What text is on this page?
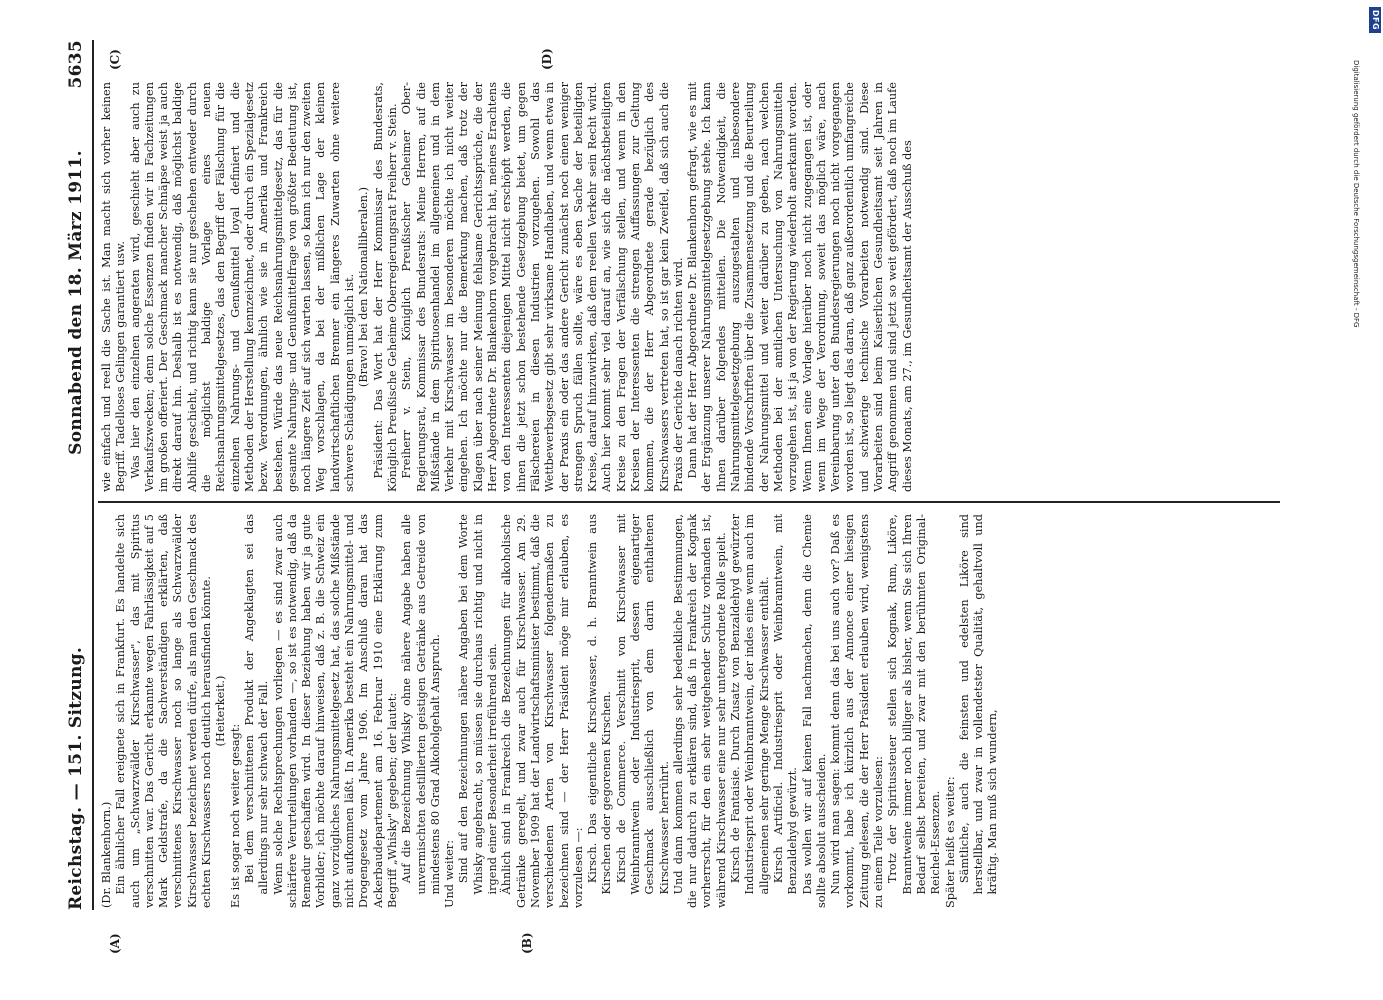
Reichstag. — 151. Sitzung.
Sonnabend den 18. März 1911.
5635
(A)	(B)
(C)	(D)

(Dr. Blankenhorn.) Ein ähnlicher Fall ereignete sich in Frankfurt. Es handelte sich auch um „Schwarzwälder Kirschwasser", das mit Spiritus verschnitten war. Das Gericht erkannte wegen Fahrlässigkeit auf 5 Mark Geldstrafe, da die Sachverständigen erklärten, daß verschnittenes Kirschwasser noch so lange als Schwarzwälder Kirschwasser bezeichnet werden dürfe, als man den Geschmack des echten Kirschwassers noch deutlich herausfinden könnte. (Heiterkeit.)

Es ist sogar noch weiter gesagt: Bei dem verschnittenen Produkt der Angeklagten sei das allerdings nur sehr schwach der Fall. Wenn solche Rechtsprechungen vorliegen — es sind zwar auch schärfere Verurteilungen vorhanden —, so ist es notwendig, daß da Remedur geschaffen wird. In dieser Beziehung haben wir ja gute Vorbilder; ich möchte darauf hinweisen, daß z. B. die Schweiz ein ganz vorzügliches Nahrungsmittelgesetz hat, das solche Mißstände nicht aufkommen läßt. In Amerika besteht ein Nahrungsmittel- und Drogengesetz vom Jahre 1906. Im Anschluß daran hat das Ackerbaudepartement am 16. Februar 1910 eine Erklärung zum Begriff „Whisky" gegeben; der lautet: Auf die Bezeichnung Whisky ohne nähere Angabe haben alle unvermischten destillierten geistigen Getränke aus Getreide von mindestens 80 Grad Alkoholgehalt Anspruch. Und weiter: Sind auf den Bezeichnungen nähere Angaben bei dem Worte Whisky angebracht, so müssen sie durchaus richtig und nicht in irgend einer Besonderheit irreführend sein. Ähnlich sind in Frankreich die Bezeichnungen für alkoholische Getränke geregelt, und zwar auch für Kirschwasser. Am 29. November 1909 hat der Landwirtschaftsminister bestimmt, daß die verschiedenen Arten von Kirschwasser folgendermaßen zu bezeichnen sind — der Herr Präsident möge mir erlauben, es vorzulesen —: Kirsch. Das eigentliche Kirschwasser, d. h. Branntwein aus Kirschen oder gegorenen Kirschen. Kirsch de Commerce. Verschnitt von Kirschwasser mit Weinbranntwein oder Industriesprit, dessen eigenartiger Geschmack ausschließlich von dem darin enthaltenen Kirschwasser herrührt. Und dann kommen allerdings sehr bedenkliche Bestimmungen, die nur dadurch zu erklären sind, daß in Frankreich der Kognak vorherrscht, für den ein sehr weitgehender Schutz vorhanden ist, während Kirschwasser eine nur sehr untergeordnete Rolle spielt. Kirsch de Fantaisie. Durch Zusatz von Benzaldehyd gewürzter Industriesprit oder Weinbranntwein, der indes eine wenn auch im allgemeinen sehr geringe Menge Kirschwasser enthält. Kirsch Artificiel. Industriesprit oder Weinbranntwein, mit Benzaldehyd gewürzt. Das wollen wir auf keinen Fall nachmachen, denn die Chemie sollte absolut ausscheiden. Nun wird man sagen: kommt denn das bei uns auch vor? Daß es vorkommt, habe ich kürzlich aus der Annonce einer hiesigen Zeitung gelesen, die der Herr Präsident erlauben wird, wenigstens zu einem Teile vorzulesen: Trotz der Spiritussteuer stellen sich Kognak, Rum, Liköre, Branntweine immer noch billiger als bisher, wenn Sie sich Ihren Bedarf selbst bereiten, und zwar mit den berühmten Original-Reichel-Essenzen. Später heißt es weiter: Sämtliche, auch die feinsten und edelsten Liköre sind herstellbar, und zwar in vollendetster Qualität, gehaltvoll und kräftig. Man muß sich wundern,

wie einfach und reell die Sache ist. Man macht sich vorher keinen Begriff. Tadelloses Gelingen garantiert usw. Was hier den einzelnen angeraten wird, geschieht aber auch zu Verkaufszwecken; denn solche Essenzen finden wir in Fachzeitungen im großen offeriert. Der Geschmack mancher Schnäpse weist ja auch direkt darauf hin. Deshalb ist es notwendig, daß möglichst baldige Abhilfe geschieht, und richtig kann sie nur geschehen entweder durch die möglichst baldige Vorlage eines neuen Reichsnahrungsmittelgesetzes, das den Begriff der Fälschung für die einzelnen Nahrungs- und Genußmittel loyal definiert und die Methoden der Herstellung kennzeichnet, oder durch ein Spezialgesetz bezw. Verordnungen, ähnlich wie sie in Amerika und Frankreich bestehen. Würde das neue Reichsnahrungsmittelgesetz, das für die gesamte Nahrungs- und Genußmittelfrage von größter Bedeutung ist, noch längere Zeit auf sich warten lassen, so kann ich nur den zweiten Weg vorschlagen, da bei der mißlichen Lage der kleinen landwirtschaftlichen Brenner ein längeres Zuwarten ohne weitere schwere Schädigungen unmöglich ist. (Bravo! bei den Nationalliberalen.) Präsident: Das Wort hat der Herr Kommissar des Bundesrats, Königlich Preußische Geheime Oberregierungsrat Freiherr v. Stein. Freiherr v. Stein, Königlich Preußischer Geheimer Ober-Regierungsrat, Kommissar des Bundesrats: Meine Herren, auf die Mißstände in dem Spirituosenhandel im allgemeinen und in dem Verkehr mit Kirschwasser im besonderen möchte ich nicht weiter eingehen. Ich möchte nur die Bemerkung machen, daß trotz der Klagen über nach seiner Meinung fehlsame Gerichtssprüche, die der Herr Abgeordnete Dr. Blankenhorn vorgebracht hat, meines Erachtens von den Interessenten diejenigen Mittel nicht erschöpft werden, die ihnen die jetzt schon bestehende Gesetzgebung bietet, um gegen Fälschereien in diesen Industrien vorzugehen. Sowohl das Wettbewerbsgesetz gibt sehr wirksame Handhaben, und wenn etwa in der Praxis ein oder das andere Gericht zunächst noch einen weniger strengen Spruch fällen sollte, wäre es eben Sache der beteiligten Kreise, darauf hinzuwirken, daß dem reellen Verkehr sein Recht wird. Auch hier kommt sehr viel darauf an, wie sich die nächstbeteiligten Kreise zu den Fragen der Verfälschung stellen, und wenn in den Kreisen der Interessenten die strengen Auffassungen zur Geltung kommen, die der Herr Abgeordnete gerade bezüglich des Kirschwassers vertreten hat, so ist gar kein Zweifel, daß sich auch die Praxis der Gerichte danach richten wird. Dann hat der Herr Abgeordnete Dr. Blankenhorn gefragt, wie es mit der Ergänzung unserer Nahrungsmittelgesetzgebung stehe. Ich kann Ihnen darüber folgendes mitteilen. Die Notwendigkeit, die Nahrungsmittelgesetzgebung auszugestalten und insbesondere bindende Vorschriften über die Zusammensetzung und die Beurteilung der Nahrungsmittel und weiter darüber zu geben, nach welchen Methoden bei der amtlichen Untersuchung von Nahrungsmitteln vorzugehen ist, ist ja von der Regierung wiederholt anerkannt worden. Wenn Ihnen eine Vorlage hierüber noch nicht zugegangen ist, oder wenn im Wege der Verordnung, soweit das möglich wäre, nach Vereinbarung unter den Bundesregierungen noch nicht vorgegangen worden ist, so liegt das daran, daß ganz außerordentlich umfangreiche und schwierige technische Vorarbeiten notwendig sind. Diese Vorarbeiten sind beim Kaiserlichen Gesundheitsamt seit Jahren in Angriff genommen und sind jetzt so weit gefördert, daß noch im Laufe dieses Monats, am 27., im Gesundheitsamt der Ausschuß des	Digitalisierung gefördert durch die Deutsche Forschungsgemeinschaft - DFG
DFG
